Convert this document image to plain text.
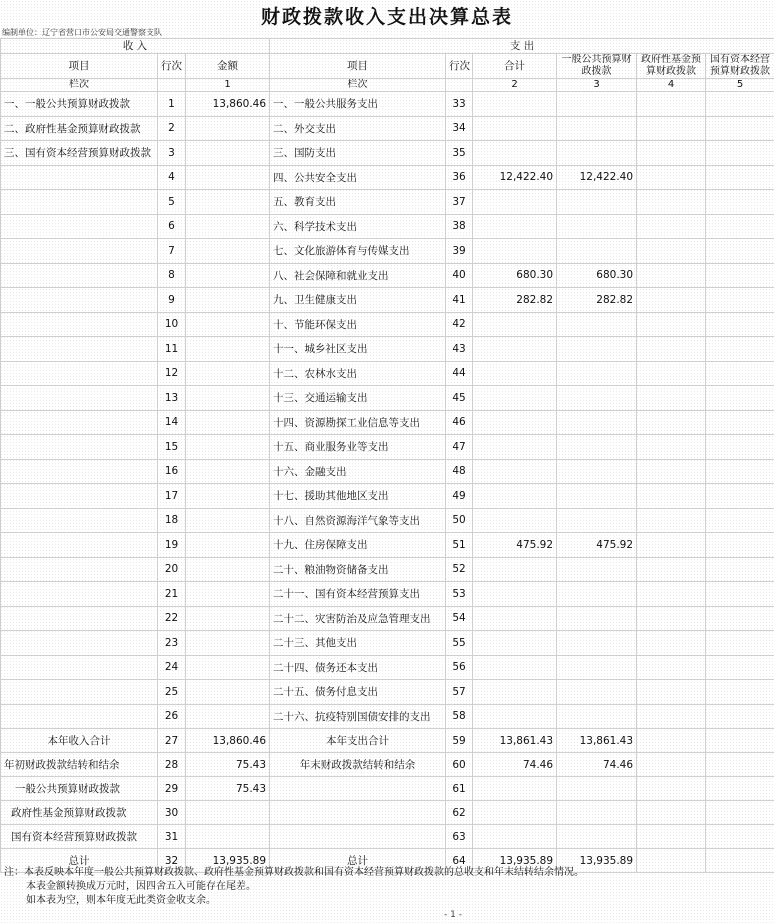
财政拨款收入支出决算总表
编制单位：辽宁省营口市公安局交通警察支队
收 入			支 出					
项目	行次	金额	项目	行次	合计	一般公共预算财政拨款	政府性基金预算财政拨款	国有资本经营预算财政拨款
栏次		1	栏次		2	3	4	5
一、一般公共预算财政拨款	1	13,860.46	一、一般公共服务支出	33				
二、政府性基金预算财政拨款	2		二、外交支出	34				
三、国有资本经营预算财政拨款	3		三、国防支出	35				
	4		四、公共安全支出	36	12,422.40	12,422.40		
	5		五、教育支出	37				
	6		六、科学技术支出	38				
	7		七、文化旅游体育与传媒支出	39				
	8		八、社会保障和就业支出	40	680.30	680.30		
	9		九、卫生健康支出	41	282.82	282.82		
	10		十、节能环保支出	42				
	11		十一、城乡社区支出	43				
	12		十二、农林水支出	44				
	13		十三、交通运输支出	45				
	14		十四、资源勘探工业信息等支出	46				
	15		十五、商业服务业等支出	47				
	16		十六、金融支出	48				
	17		十七、援助其他地区支出	49				
	18		十八、自然资源海洋气象等支出	50				
	19		十九、住房保障支出	51	475.92	475.92		
	20		二十、粮油物资储备支出	52				
	21		二十一、国有资本经营预算支出	53				
	22		二十二、灾害防治及应急管理支出	54				
	23		二十三、其他支出	55				
	24		二十四、债务还本支出	56				
	25		二十五、债务付息支出	57				
	26		二十六、抗疫特别国债安排的支出	58				
本年收入合计	27	13,860.46	本年支出合计	59	13,861.43	13,861.43		
年初财政拨款结转和结余	28	75.43	年末财政拨款结转和结余	60	74.46	74.46		
一般公共预算财政拨款	29	75.43		61				
政府性基金预算财政拨款	30			62				
国有资本经营预算财政拨款	31			63				
总计	32	13,935.89	总计	64	13,935.89	13,935.89		
注：本表反映本年度一般公共预算财政拨款、政府性基金预算财政拨款和国有资本经营预算财政拨款的总收支和年末结转结余情况。
本表金额转换成万元时，因四舍五入可能存在尾差。
如本表为空，则本年度无此类资金收支余。
- 1 -
